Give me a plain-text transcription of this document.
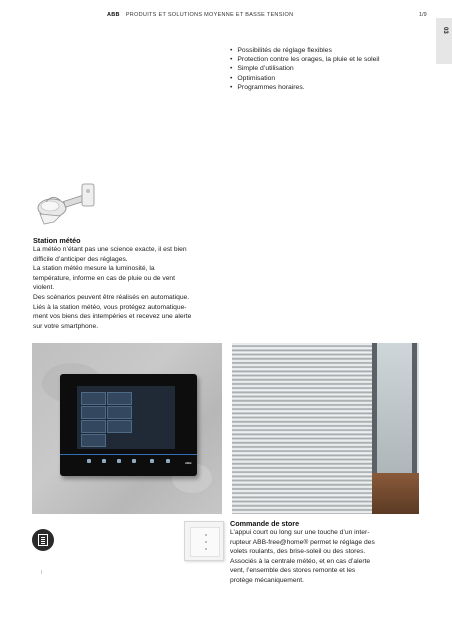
ABB PRODUITS ET SOLUTIONS MOYENNE ET BASSE TENSION	1/9
03
• Possibilités de réglage flexibles
• Protection contre les orages, la pluie et le soleil
• Simple d’utilisation
• Optimisation
• Programmes horaires.
Station météo
La météo n’étant pas une science exacte, il est bien
difficile d’anticiper des réglages.
La station météo mesure la luminosité, la
température, informe en cas de pluie ou de vent
violent.
Des scénarios peuvent être réalisés en automatique.
Liés à la station météo, vous protégez automatique-
ment vos biens des intempéries et recevez une alerte
sur votre smartphone.
ABB
Commande de store
L’appui court ou long sur une touche d’un inter-
rupteur ABB-free@home® permet le réglage des
volets roulants, des brise-soleil ou des stores.
Associés à la centrale météo, et en cas d’alerte
vent, l’ensemble des stores remonte et les
protège mécaniquement.
